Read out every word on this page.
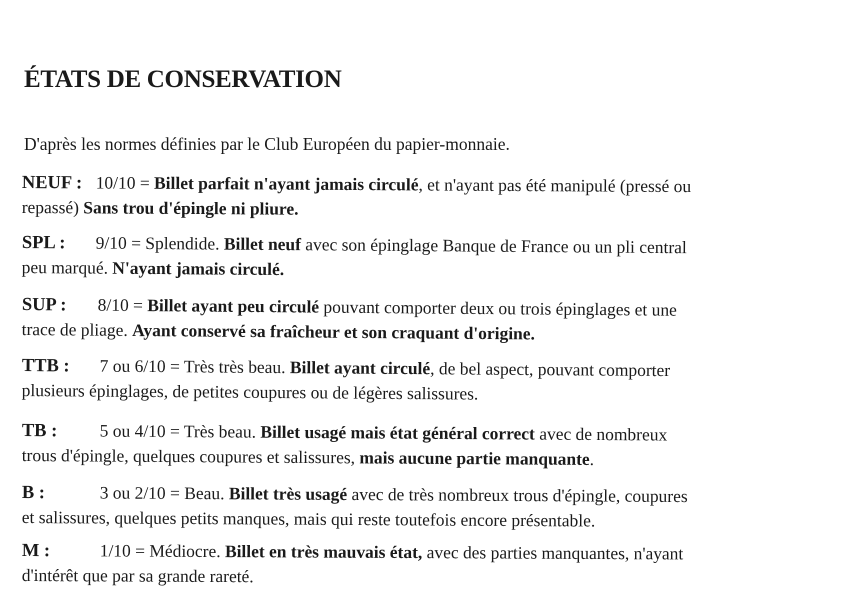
ÉTATS DE CONSERVATION

D'après les normes définies par le Club Européen du papier-monnaie.

NEUF : 10/10 = Billet parfait n'ayant jamais circulé, et n'ayant pas été manipulé (pressé ou
repassé) Sans trou d'épingle ni pliure.
SPL : 9/10 = Splendide. Billet neuf avec son épinglage Banque de France ou un pli central
peu marqué. N'ayant jamais circulé.
SUP : 8/10 = Billet ayant peu circulé pouvant comporter deux ou trois épinglages et une
trace de pliage. Ayant conservé sa fraîcheur et son craquant d'origine.
TTB : 7 ou 6/10 = Très très beau. Billet ayant circulé, de bel aspect, pouvant comporter
plusieurs épinglages, de petites coupures ou de légères salissures.
TB : 5 ou 4/10 = Très beau. Billet usagé mais état général correct avec de nombreux
trous d'épingle, quelques coupures et salissures, mais aucune partie manquante.
B :	3 ou 2/10 = Beau. Billet très usagé avec de très nombreux trous d'épingle, coupures
et salissures, quelques petits manques, mais qui reste toutefois encore présentable.
M :	1/10 = Médiocre. Billet en très mauvais état, avec des parties manquantes, n'ayant
d'intérêt que par sa grande rareté.
